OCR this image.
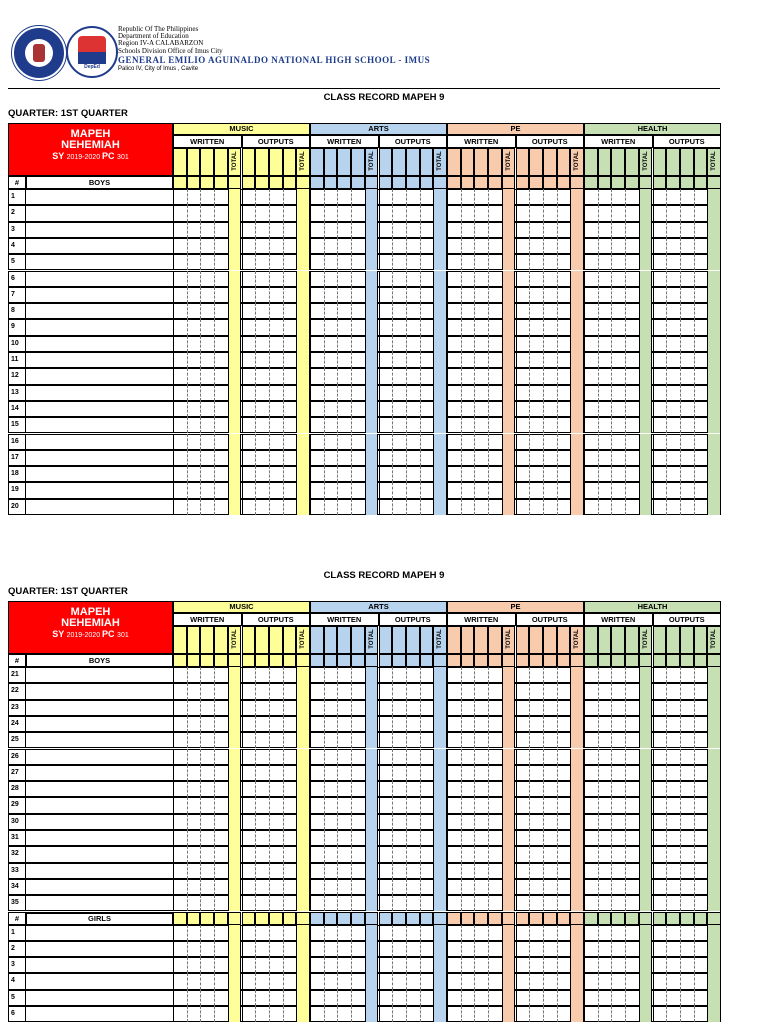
DepEd
Republic Of The Philippines
Department of Education
Region IV-A CALABARZON
Schools Division Office of Imus City
GENERAL EMILIO AGUINALDO NATIONAL HIGH SCHOOL - IMUS
Palico IV, City of Imus , Cavite
CLASS RECORD MAPEH 9
QUARTER: 1ST QUARTER
MAPEH
NEHEMIAH
SY 2019-2020 PC 301
MUSIC
WRITTEN	OUTPUTS
TOTAL	TOTAL
ARTS
WRITTEN	OUTPUTS
TOTAL	TOTAL
PE
WRITTEN	OUTPUTS
TOTAL	TOTAL
HEALTH
WRITTEN	OUTPUTS
TOTAL	TOTAL
#	BOYS
1
2
3
4
5
6
7
8
9
10
11
12
13
14
15
16
17
18
19
20
CLASS RECORD MAPEH 9
QUARTER: 1ST QUARTER
MAPEH
NEHEMIAH
SY 2019-2020 PC 301
MUSIC
WRITTEN	OUTPUTS
TOTAL	TOTAL
ARTS
WRITTEN	OUTPUTS
TOTAL	TOTAL
PE
WRITTEN	OUTPUTS
TOTAL	TOTAL
HEALTH
WRITTEN	OUTPUTS
TOTAL	TOTAL
#	BOYS
21
22
23
24
25
26
27
28
29
30
31
32
33
34
35
#	GIRLS
1
2
3
4
5
6
